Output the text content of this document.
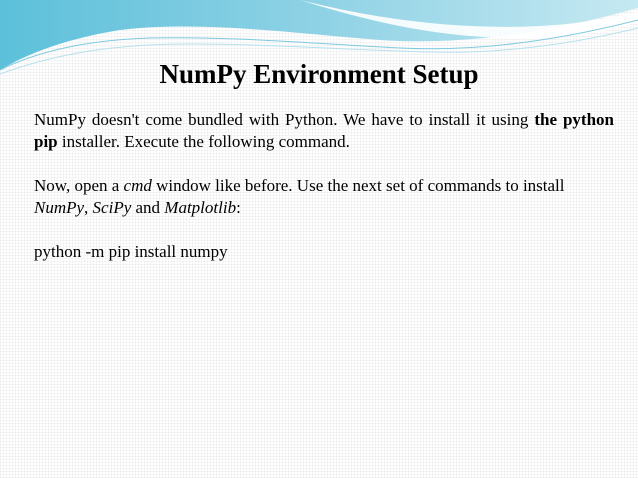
NumPy Environment Setup

NumPy doesn't come bundled with Python. We have to install it using the python pip installer. Execute the following command.

Now, open a cmd window like before. Use the next set of commands to install NumPy, SciPy and Matplotlib:

python -m pip install numpy
